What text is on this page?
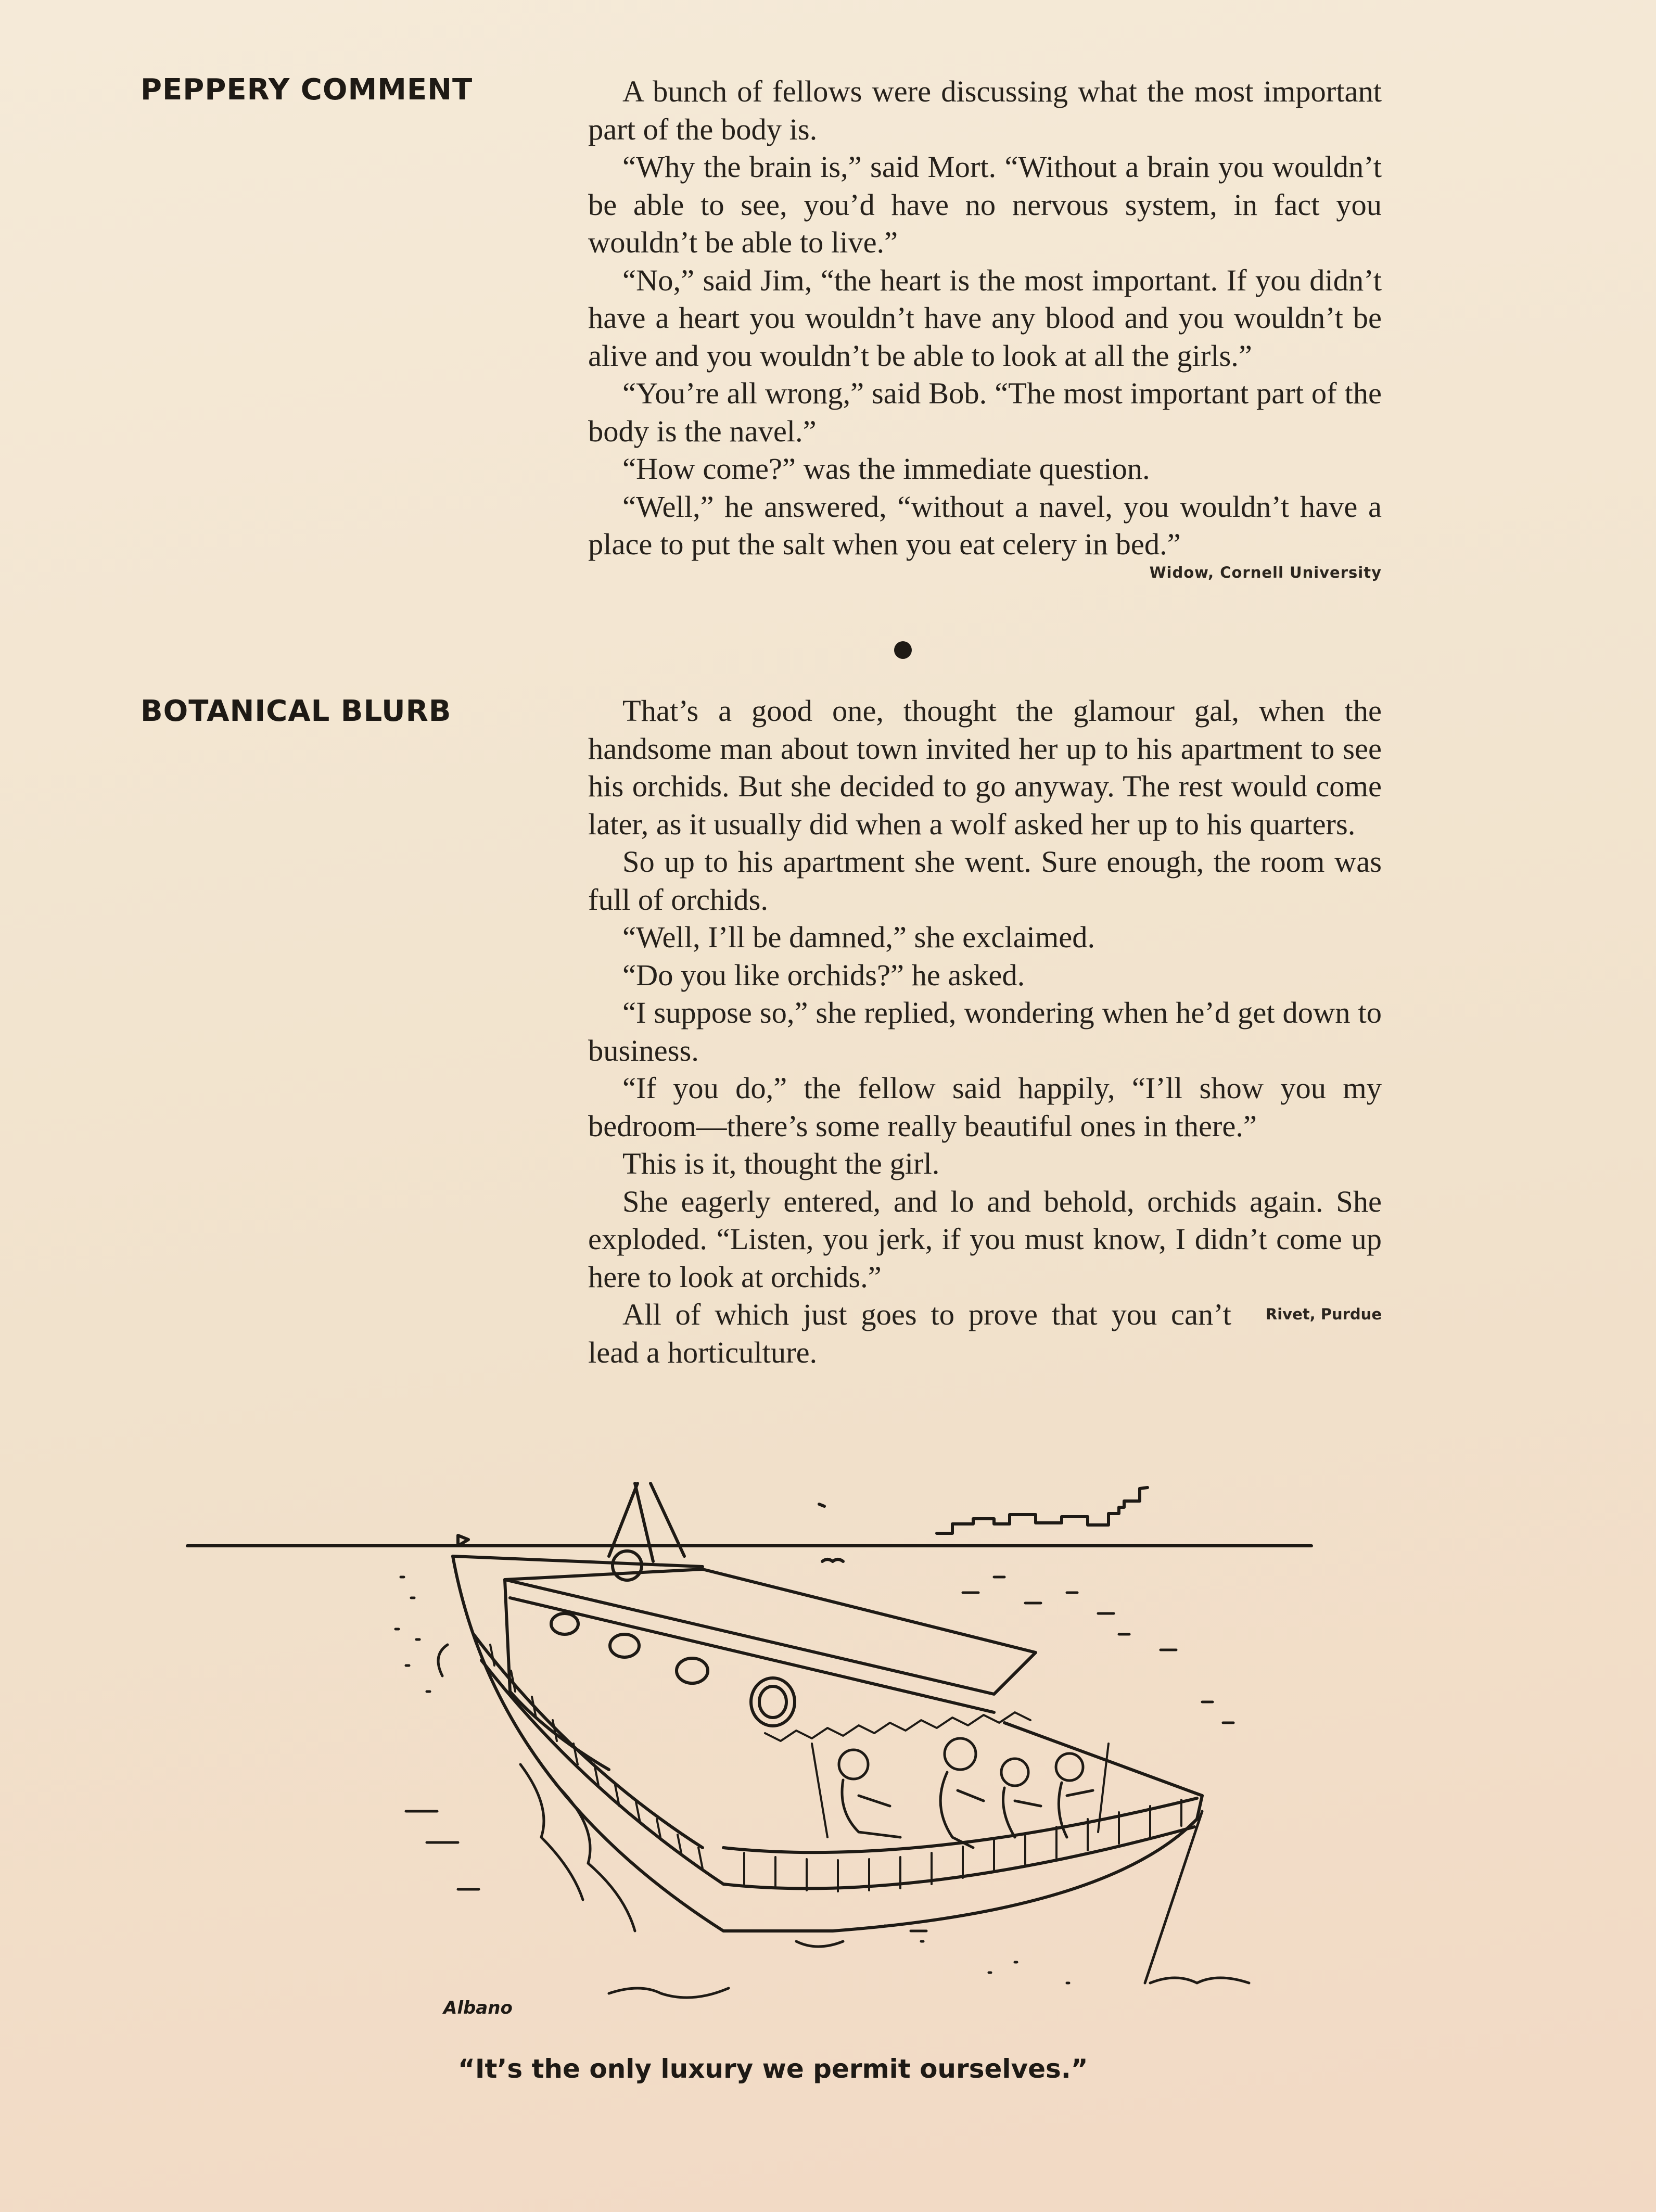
PEPPERY COMMENT	A bunch of fellows were discussing what the most important part of the body is.

“Why the brain is,” said Mort. “Without a brain you wouldn’t be able to see, you’d have no nervous system, in fact you wouldn’t be able to live.”

“No,” said Jim, “the heart is the most important. If you didn’t have a heart you wouldn’t have any blood and you wouldn’t be alive and you wouldn’t be able to look at all the girls.”

“You’re all wrong,” said Bob. “The most important part of the body is the navel.”

“How come?” was the immediate question.

“Well,” he answered, “without a navel, you wouldn’t have a place to put the salt when you eat celery in bed.”

Widow, Cornell University
BOTANICAL BLURB	That’s a good one, thought the glamour gal, when the handsome man about town invited her up to his apartment to see his orchids. But she decided to go anyway. The rest would come later, as it usually did when a wolf asked her up to his quarters.

So up to his apartment she went. Sure enough, the room was full of orchids.

“Well, I’ll be damned,” she exclaimed.

“Do you like orchids?” he asked.

“I suppose so,” she replied, wondering when he’d get down to business.

“If you do,” the fellow said happily, “I’ll show you my bedroom—there’s some really beautiful ones in there.”

This is it, thought the girl.

She eagerly entered, and lo and behold, orchids again. She exploded. “Listen, you jerk, if you must know, I didn’t come up here to look at orchids.”

Rivet, Purdue
All of which just goes to prove that you can’t lead a horticulture.

Albano

“It’s the only luxury we permit ourselves.”
